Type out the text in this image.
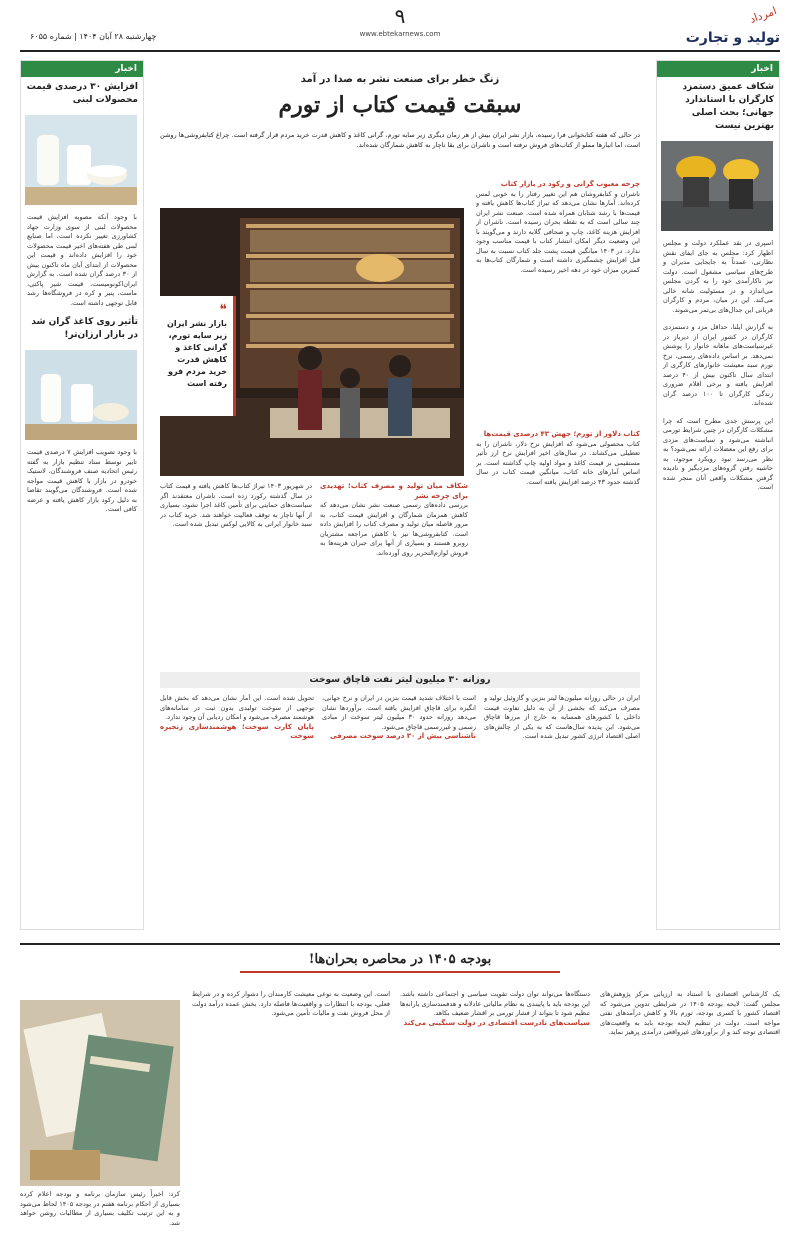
امرداد
تولید و تجارت
۹
www.ebtekarnews.com
چهارشنبه ۲۸ آبان ۱۴۰۴ | شماره ۶۰۵۵
اخبار
شکاف عمیق دستمزد کارگران با استاندارد جهانی؛ بحث اصلی بهترین نیست
اسپری در نقد عملکرد دولت و مجلس اظهار کرد: مجلس به جای ایفای نقش نظارتی، عمدتاً به جایجایی مدیران و طرح‌های سیاسی مشغول است. دولت نیز ناکارآمدی خود را به گردن مجلس می‌اندازد و در مسئولیت شانه خالی می‌کند. این در میان، مردم و کارگران قربانی این جدال‌های بی‌ثمر می‌شوند.
به گزارش ایلنا، حداقل مزد و دستمزدی کارگران در کشور ایران از دیرباز در غیرسیاست‌های ماهانه خانوار را پوشش نمی‌دهد. بر اساس داده‌های رسمی، نرخ تورم سبد معیشت خانوارهای کارگری از ابتدای سال تاکنون بیش از ۴۰ درصد افزایش یافته و برخی اقلام ضروری زندگی کارگران تا ۱۰۰ درصد گران شده‌اند.
این پرسش جدی مطرح است که چرا مشکلات کارگران در چنین شرایط تورمی انباشته می‌شود و سیاست‌های مزدی برای رفع این معضلات ارائه نمی‌شود؟ به نظر می‌رسد نبود رویکرد موجود، به حاشیه رفتن گروه‌های مزدبگیر و نادیده گرفتن مشکلات واقعی آنان منجر شده است.
اخبار
افزایش ۳۰ درصدی قیمت محصولات لبنی
با وجود آنکه مصوبه افزایش قیمت محصولات لبنی از سوی وزارت جهاد کشاورزی تغییر نکرده است، اما صنایع لبنی طی هفته‌های اخیر قیمت محصولات خود را افزایش داده‌اند و قیمت این محصولات از ابتدای آبان ماه تاکنون بیش از ۳۰ درصد گران شده است. به گزارش ایران‌اکونومیست، قیمت شیر پاکتی، ماست، پنیر و کره در فروشگاه‌ها رشد قابل توجهی داشته است.
تأثیر روی کاغذ گران شد در بازار ارزان‌تر!
با وجود تصویب افزایش ۷ درصدی قیمت تاییر توسط ستاد تنظیم بازار به گفته رئیس اتحادیه صنف فروشندگان، لاستیک خودرو در بازار با کاهش قیمت مواجه شده است. فروشندگان می‌گویند تقاضا به دلیل رکود بازار کاهش یافته و عرضه کافی است.
زنگ خطر برای صنعت نشر به صدا در آمد
سبقت قیمت کتاب از تورم
در حالی که هفته کتابخوانی فرا رسیده، بازار نشر ایران بیش از هر زمان دیگری زیر سایه تورم، گرانی کاغذ و کاهش قدرت خرید مردم قرار گرفته است. چراغ کتابفروشی‌ها روشن است، اما انبارها مملو از کتاب‌های فروش نرفته است و ناشران برای بقا ناچار به کاهش شمارگان شده‌اند.
چرخه معیوب گرانی و رکود در بازار کتاب
ناشران و کتابفروشان هم این تغییر رفتار را به خوبی لمس کرده‌اند. آمارها نشان می‌دهد که تیراژ کتاب‌ها کاهش یافته و قیمت‌ها با رشد شتابان همراه شده است. صنعت نشر ایران چند سالی است که به نقطه بحران رسیده است. ناشران از افزایش هزینه کاغذ، چاپ و صحافی گلایه دارند و می‌گویند با این وضعیت دیگر امکان انتشار کتاب با قیمت مناسب وجود ندارد. در ۱۴۰۳ میانگین قیمت پشت جلد کتاب نسبت به سال قبل افزایش چشمگیری داشته است و شمارگان کتاب‌ها به کمترین میزان خود در دهه اخیر رسیده است.
❝
بازار نشر ایران زیر سایه تورم، گرانی کاغذ و کاهش قدرت خرید مردم فرو رفته است
کتاب دلاور از تورم؛ جهش ۴۳ درصدی قیمت‌ها
کتاب محصولی می‌شود که افزایش نرخ دلار، ناشران را به تعطیلی می‌کشاند. در سال‌های اخیر افزایش نرخ ارز تأثیر مستقیمی بر قیمت کاغذ و مواد اولیه چاپ گذاشته است. بر اساس آمارهای خانه کتاب، میانگین قیمت کتاب در سال گذشته حدود ۴۳ درصد افزایش یافته است.
شکاف میان تولید و مصرف کتاب؛ تهدیدی برای چرخه نشر
بررسی داده‌های رسمی صنعت نشر نشان می‌دهد که کاهش همزمان شمارگان و افزایش قیمت کتاب، به مرور فاصله میان تولید و مصرف کتاب را افزایش داده است. کتابفروشی‌ها نیز با کاهش مراجعه مشتریان روبرو هستند و بسیاری از آنها برای جبران هزینه‌ها به فروش لوازم‌التحریر روی آورده‌اند.
در شهریور ۱۴۰۳ تیراژ کتاب‌ها کاهش یافته و قیمت کتاب در سال گذشته رکورد زده است. ناشران معتقدند اگر سیاست‌های حمایتی برای تأمین کاغذ اجرا نشود، بسیاری از آنها ناچار به توقف فعالیت خواهند شد. خرید کتاب در سبد خانوار ایرانی به کالایی لوکس تبدیل شده است.
روزانه ۳۰ میلیون لیتر نفت قاچاق سوخت
ایران در حالی روزانه میلیون‌ها لیتر بنزین و گازوئیل تولید و مصرف می‌کند که بخشی از آن به دلیل تفاوت قیمت داخلی با کشورهای همسایه به خارج از مرزها قاچاق می‌شود. این پدیده سال‌هاست که به یکی از چالش‌های اصلی اقتصاد انرژی کشور تبدیل شده است.
است با اختلاف شدید قیمت بنزین در ایران و نرخ جهانی، انگیزه برای قاچاق افزایش یافته است. برآوردها نشان می‌دهد روزانه حدود ۳۰ میلیون لیتر سوخت از مبادی رسمی و غیررسمی قاچاق می‌شود.
ناشناسی بیش از ۳۰ درصد سوخت مصرفی
تحویل شده است. این آمار نشان می‌دهد که بخش قابل توجهی از سوخت تولیدی بدون ثبت در سامانه‌های هوشمند مصرف می‌شود و امکان ردیابی آن وجود ندارد.
پایان کارت سوخت؛ هوشمندسازی زنجیره سوخت
بودجه ۱۴۰۵ در محاصره بحران‌ها!
یک کارشناس اقتصادی با استناد به ارزیابی مرکز پژوهش‌های مجلس گفت: لایحه بودجه ۱۴۰۵ در شرایطی تدوین می‌شود که اقتصاد کشور با کسری بودجه، تورم بالا و کاهش درآمدهای نفتی مواجه است. دولت در تنظیم لایحه بودجه باید به واقعیت‌های اقتصادی توجه کند و از برآوردهای غیرواقعی درآمدی پرهیز نماید.
دستگاه‌ها می‌تواند توان دولت تقویت سیاسی و اجتماعی داشته باشد. این بودجه باید با پایبندی به نظام مالیاتی عادلانه و هدفمندسازی یارانه‌ها تنظیم شود تا بتواند از فشار تورمی بر اقشار ضعیف بکاهد.
سیاست‌های نادرست اقتصادی در دولت سنگینی می‌کند
است. این وضعیت به نوعی معیشت کارمندان را دشوار کرده و در شرایط فعلی، بودجه با انتظارات و واقعیت‌ها فاصله دارد. بخش عمده درآمد دولت از محل فروش نفت و مالیات تأمین می‌شود.
کرد: اخیراً رئیس سازمان برنامه و بودجه اعلام کرده بسیاری از احکام برنامه هفتم در بودجه ۱۴۰۵ لحاظ می‌شود و به این ترتیب تکلیف بسیاری از مطالبات روشن خواهد شد.
